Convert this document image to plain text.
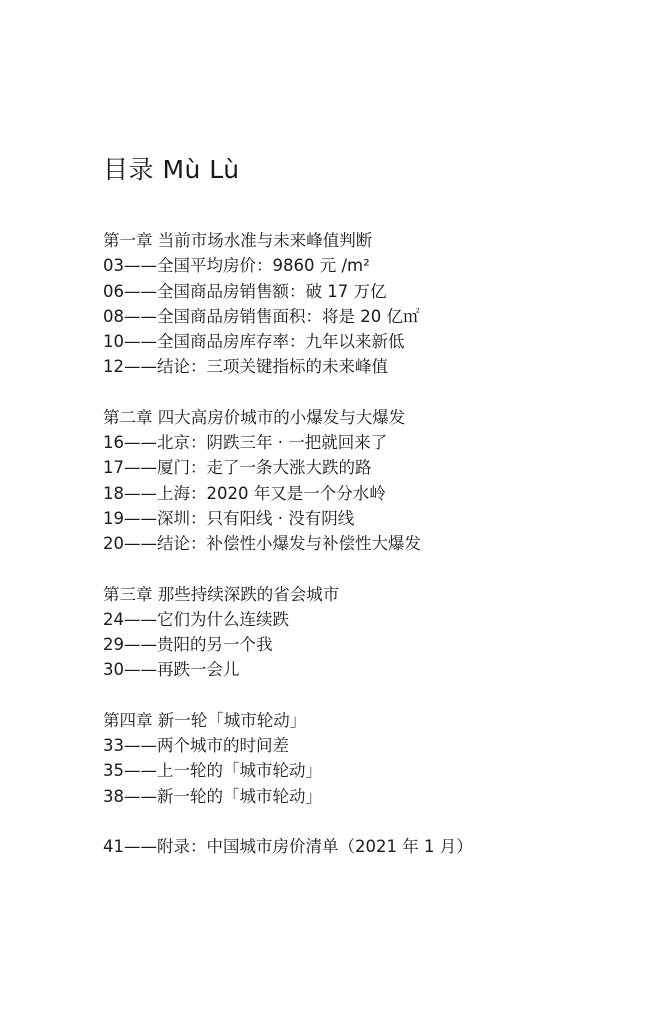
目录 Mù Lù
第一章 当前市场水准与未来峰值判断
03——全国平均房价：9860 元 /m²
06——全国商品房销售额：破 17 万亿
08——全国商品房销售面积：将是 20 亿㎡
10——全国商品房库存率：九年以来新低
12——结论：三项关键指标的未来峰值
第二章 四大高房价城市的小爆发与大爆发
16——北京：阴跌三年 · 一把就回来了
17——厦门：走了一条大涨大跌的路
18——上海：2020 年又是一个分水岭
19——深圳：只有阳线 · 没有阴线
20——结论：补偿性小爆发与补偿性大爆发
第三章 那些持续深跌的省会城市
24——它们为什么连续跌
29——贵阳的另一个我
30——再跌一会儿
第四章 新一轮「城市轮动」
33——两个城市的时间差
35——上一轮的「城市轮动」
38——新一轮的「城市轮动」
41——附录：中国城市房价清单（2021 年 1 月）
